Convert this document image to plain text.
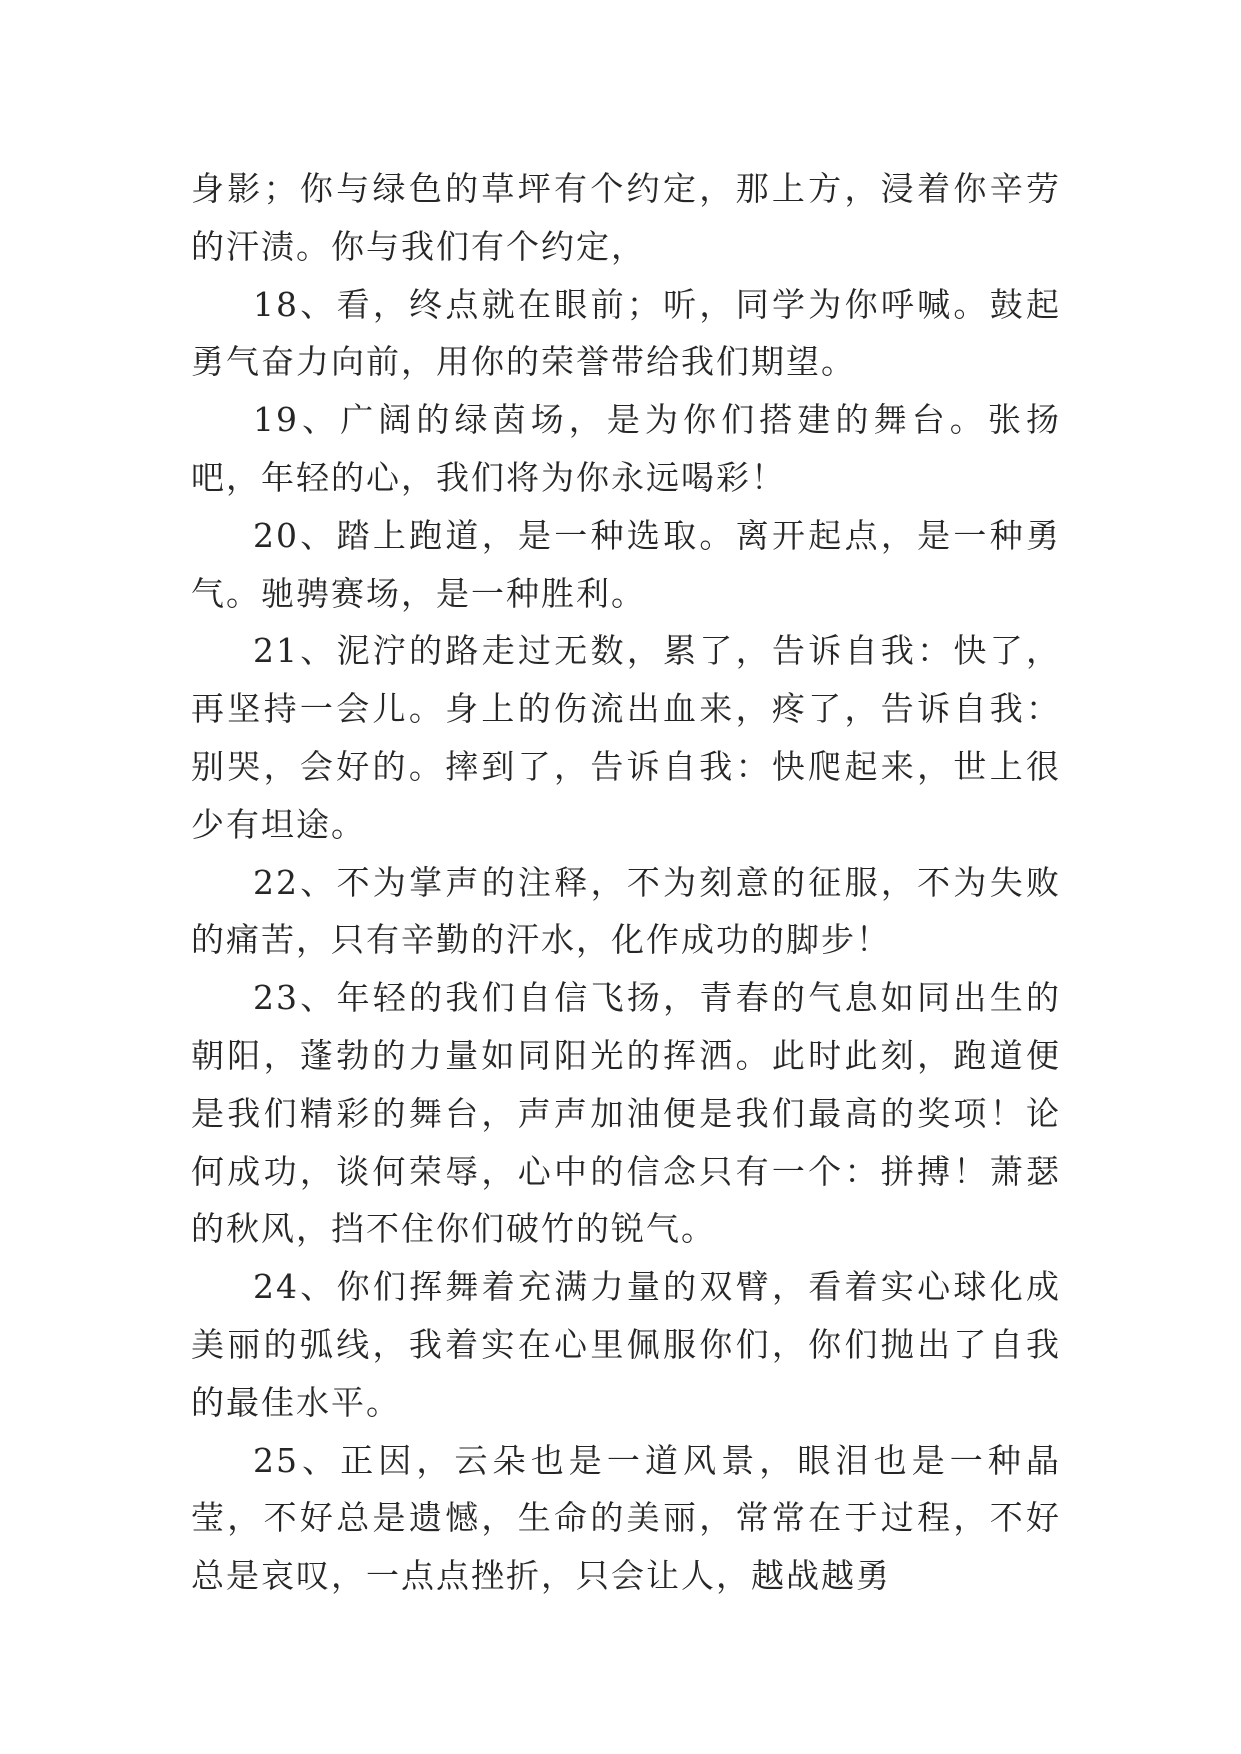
身影；你与绿色的草坪有个约定，那上方，浸着你辛劳的汗渍。你与我们有个约定，

18、看，终点就在眼前；听，同学为你呼喊。鼓起勇气奋力向前，用你的荣誉带给我们期望。

19、广阔的绿茵场，是为你们搭建的舞台。张扬吧，年轻的心，我们将为你永远喝彩！

20、踏上跑道，是一种选取。离开起点，是一种勇气。驰骋赛场，是一种胜利。

21、泥泞的路走过无数，累了，告诉自我：快了，再坚持一会儿。身上的伤流出血来，疼了，告诉自我：别哭，会好的。摔到了，告诉自我：快爬起来，世上很少有坦途。

22、不为掌声的注释，不为刻意的征服，不为失败的痛苦，只有辛勤的汗水，化作成功的脚步！

23、年轻的我们自信飞扬，青春的气息如同出生的朝阳，蓬勃的力量如同阳光的挥洒。此时此刻，跑道便是我们精彩的舞台，声声加油便是我们最高的奖项！论何成功，谈何荣辱，心中的信念只有一个：拼搏！萧瑟的秋风，挡不住你们破竹的锐气。

24、你们挥舞着充满力量的双臂，看着实心球化成美丽的弧线，我着实在心里佩服你们，你们抛出了自我的最佳水平。

25、正因，云朵也是一道风景，眼泪也是一种晶莹，不好总是遗憾，生命的美丽，常常在于过程，不好总是哀叹，一点点挫折，只会让人，越战越勇
